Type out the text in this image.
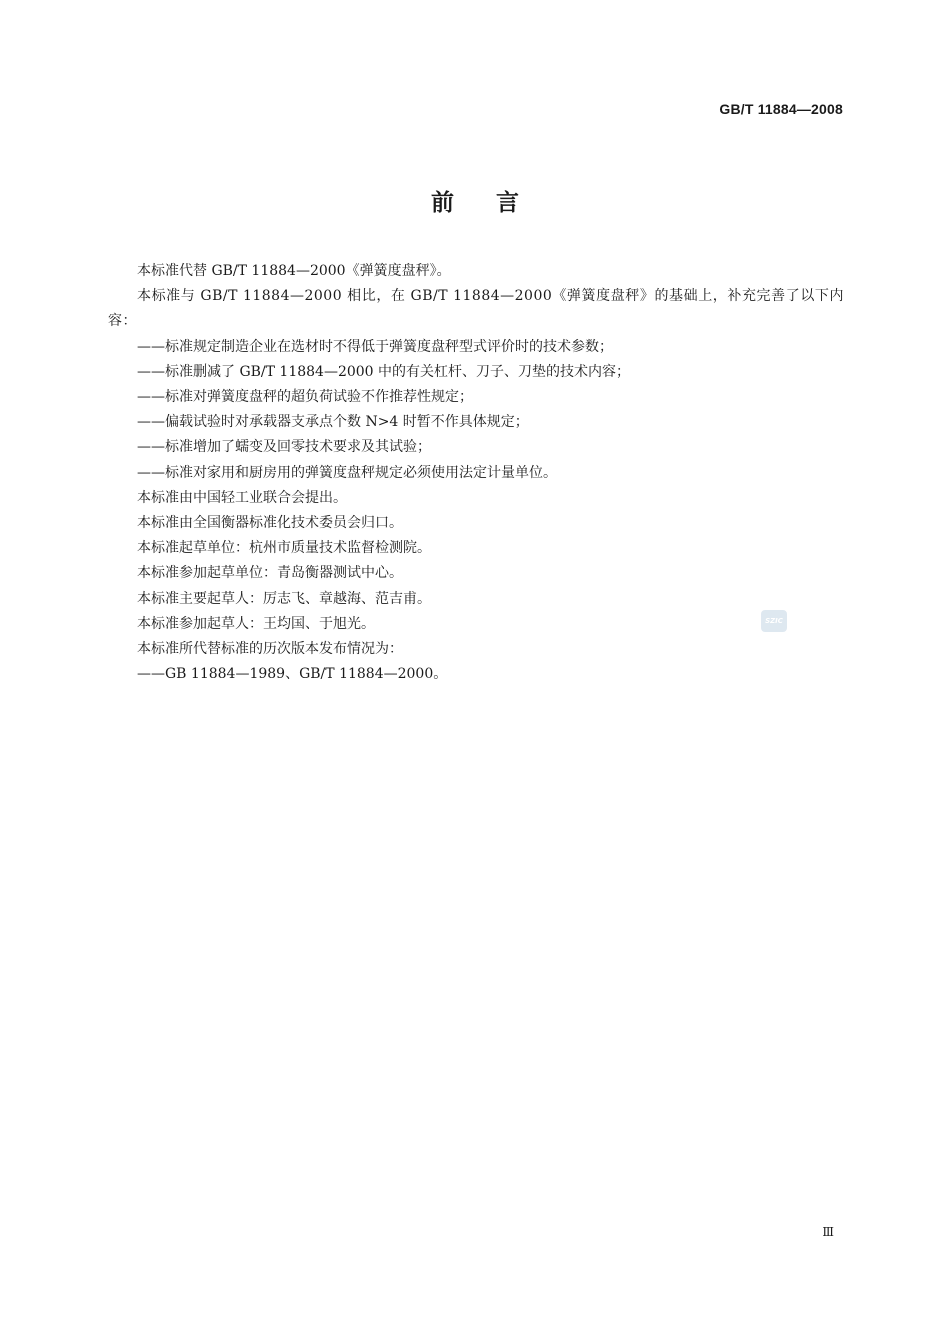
GB/T 11884—2008
前言

本标准代替 GB/T 11884—2000《弹簧度盘秤》。

本标准与 GB/T 11884—2000 相比，在 GB/T 11884—2000《弹簧度盘秤》的基础上，补充完善了以下内容：

——标准规定制造企业在选材时不得低于弹簧度盘秤型式评价时的技术参数；

——标准删减了 GB/T 11884—2000 中的有关杠杆、刀子、刀垫的技术内容；

——标准对弹簧度盘秤的超负荷试验不作推荐性规定；

——偏载试验时对承载器支承点个数 N>4 时暂不作具体规定；

——标准增加了蠕变及回零技术要求及其试验；

——标准对家用和厨房用的弹簧度盘秤规定必须使用法定计量单位。

本标准由中国轻工业联合会提出。

本标准由全国衡器标准化技术委员会归口。

本标准起草单位：杭州市质量技术监督检测院。

本标准参加起草单位：青岛衡器测试中心。

本标准主要起草人：厉志飞、章越海、范吉甫。

本标准参加起草人：王均国、于旭光。

本标准所代替标准的历次版本发布情况为：

——GB 11884—1989、GB/T 11884—2000。

SZIC
Ⅲ
